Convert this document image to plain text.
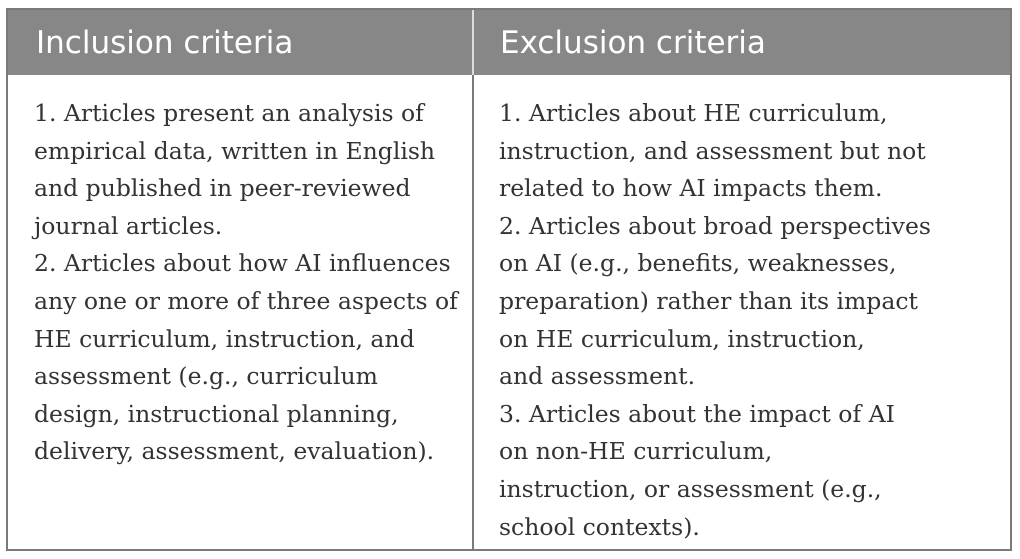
Inclusion criteria	Exclusion criteria
1. Articles present an analysis of
empirical data, written in English
and published in peer-reviewed
journal articles.
2. Articles about how AI influences
any one or more of three aspects of
HE curriculum, instruction, and
assessment (e.g., curriculum
design, instructional planning,
delivery, assessment, evaluation).
1. Articles about HE curriculum,
instruction, and assessment but not
related to how AI impacts them.
2. Articles about broad perspectives
on AI (e.g., benefits, weaknesses,
preparation) rather than its impact
on HE curriculum, instruction,
and assessment.
3. Articles about the impact of AI
on non-HE curriculum,
instruction, or assessment (e.g.,
school contexts).
